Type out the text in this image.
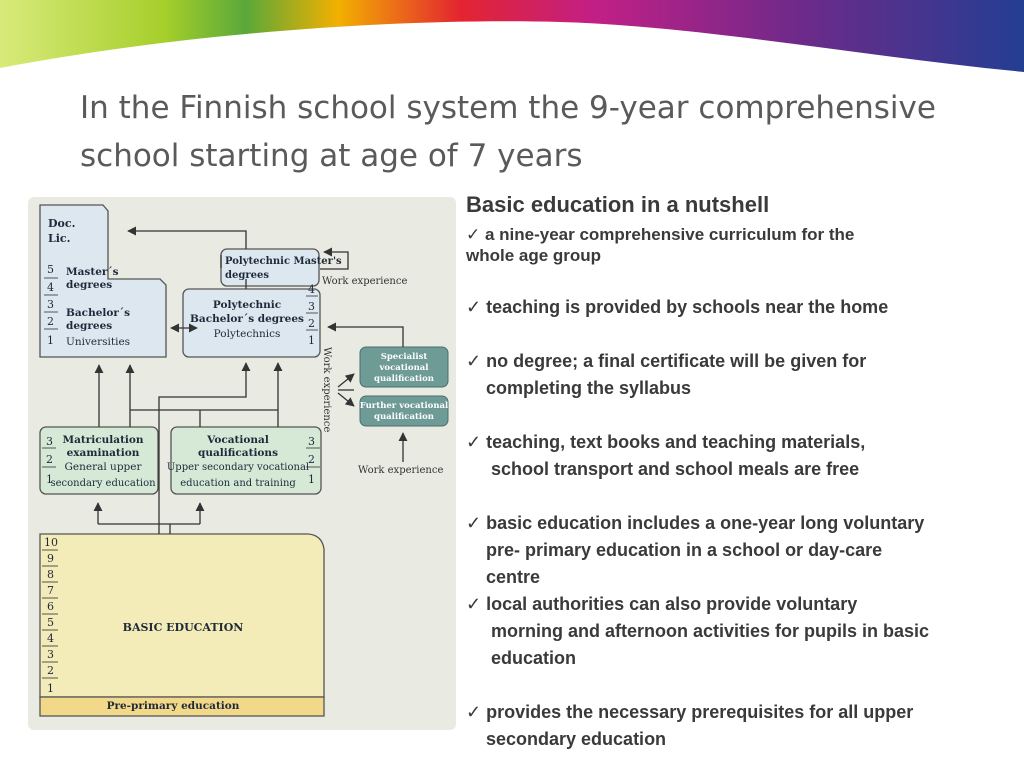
In the Finnish school system the 9-year comprehensive
school starting at age of 7 years
Doc.
Lic.
5
4
3
2
1
Master´s
degrees
Bachelor´s
degrees
Universities
Polytechnic Master's
degrees
Polytechnic
Bachelor´s degrees
Polytechnics
4
3
2
1
Work experience
Work experience
Work experience
Specialist
vocational
qualification
Further vocational
qualification
3
2
1
Matriculation
examination
General upper
secondary education
3
2
1
Vocational
qualifications
Upper secondary vocational
education and training
Pre-primary education
BASIC EDUCATION
10
9
8
7
6
5
4
3
2
1
Basic education in a nutshell
✓ a nine-year comprehensive curriculum for the
whole age group
✓ teaching is provided by schools near the home
✓ no degree; a final certificate will be given for
completing the syllabus
✓ teaching, text books and teaching materials,
school transport and school meals are free
✓ basic education includes a one-year long voluntary
pre- primary education in a school or day-care
centre
✓ local authorities can also provide voluntary
morning and afternoon activities for pupils in basic
education
✓ provides the necessary prerequisites for all upper
secondary education
